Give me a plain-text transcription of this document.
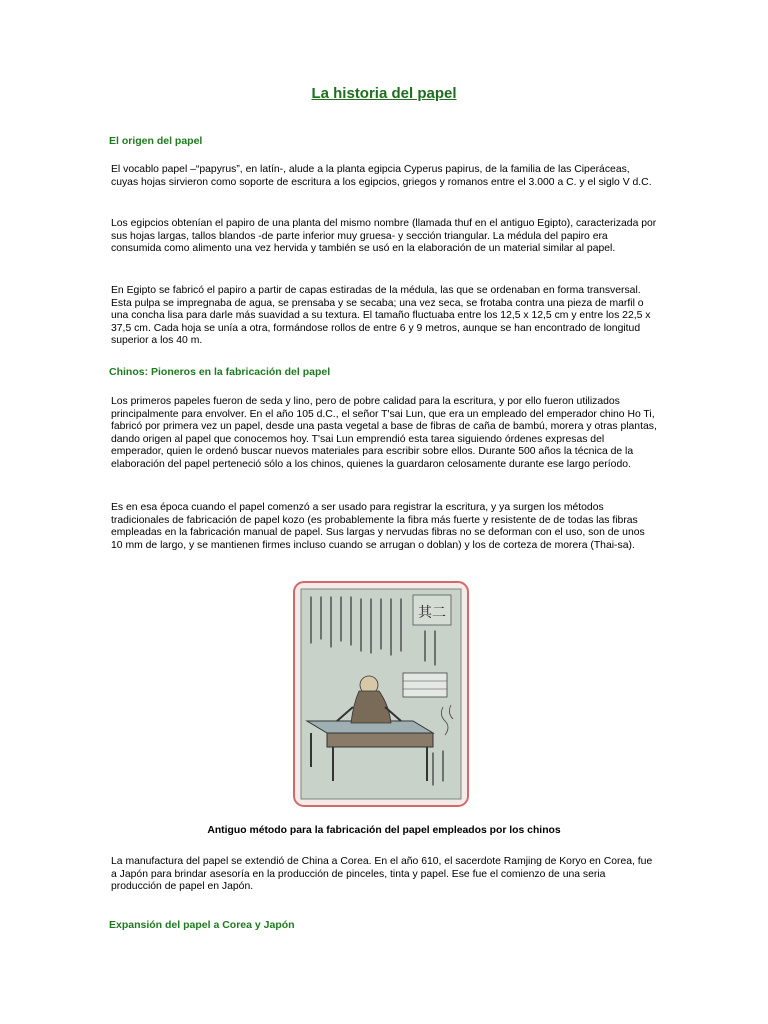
La historia del papel
El origen del papel

El vocablo papel –“papyrus”, en latín-, alude a la planta egipcia Cyperus papirus, de la familia de las Ciperáceas, cuyas hojas sirvieron como soporte de escritura a los egipcios, griegos y romanos entre el 3.000 a C. y el siglo V d.C.

Los egipcios obtenían el papiro de una planta del mismo nombre (llamada thuf en el antiguo Egipto), caracterizada por sus hojas largas, tallos blandos -de parte inferior muy gruesa- y sección triangular. La médula del papiro era consumida como alimento una vez hervida y también se usó en la elaboración de un material similar al papel.

En Egipto se fabricó el papiro a partir de capas estiradas de la médula, las que se ordenaban en forma transversal. Esta pulpa se impregnaba de agua, se prensaba y se secaba; una vez seca, se frotaba contra una pieza de marfil o una concha lisa para darle más suavidad a su textura. El tamaño fluctuaba entre los 12,5 x 12,5 cm y entre los 22,5 x 37,5 cm. Cada hoja se unía a otra, formándose rollos de entre 6 y 9 metros, aunque se han encontrado de longitud superior a los 40 m.

Chinos: Pioneros en la fabricación del papel

Los primeros papeles fueron de seda y lino, pero de pobre calidad para la escritura, y por ello fueron utilizados principalmente para envolver. En el año 105 d.C., el señor T'sai Lun, que era un empleado del emperador chino Ho Ti, fabricó por primera vez un papel, desde una pasta vegetal a base de fibras de caña de bambú, morera y otras plantas, dando origen al papel que conocemos hoy. T'sai Lun emprendió esta tarea siguiendo órdenes expresas del emperador, quien le ordenó buscar nuevos materiales para escribir sobre ellos. Durante 500 años la técnica de la elaboración del papel perteneció sólo a los chinos, quienes la guardaron celosamente durante ese largo período.

Es en esa época cuando el papel comenzó a ser usado para registrar la escritura, y ya surgen los métodos tradicionales de fabricación de papel kozo (es probablemente la fibra más fuerte y resistente de de todas las fibras empleadas en la fabricación manual de papel. Sus largas y nervudas fibras no se deforman con el uso, son de unos 10 mm de largo, y se mantienen firmes incluso cuando se arrugan o doblan) y los de corteza de morera (Thai-sa).

其二

Antiguo método para la fabricación del papel empleados por los chinos

La manufactura del papel se extendió de China a Corea. En el año 610, el sacerdote Ramjing de Koryo en Corea, fue a Japón para brindar asesoría en la producción de pinceles, tinta y papel. Ese fue el comienzo de una seria producción de papel en Japón.

Expansión del papel a Corea y Japón
